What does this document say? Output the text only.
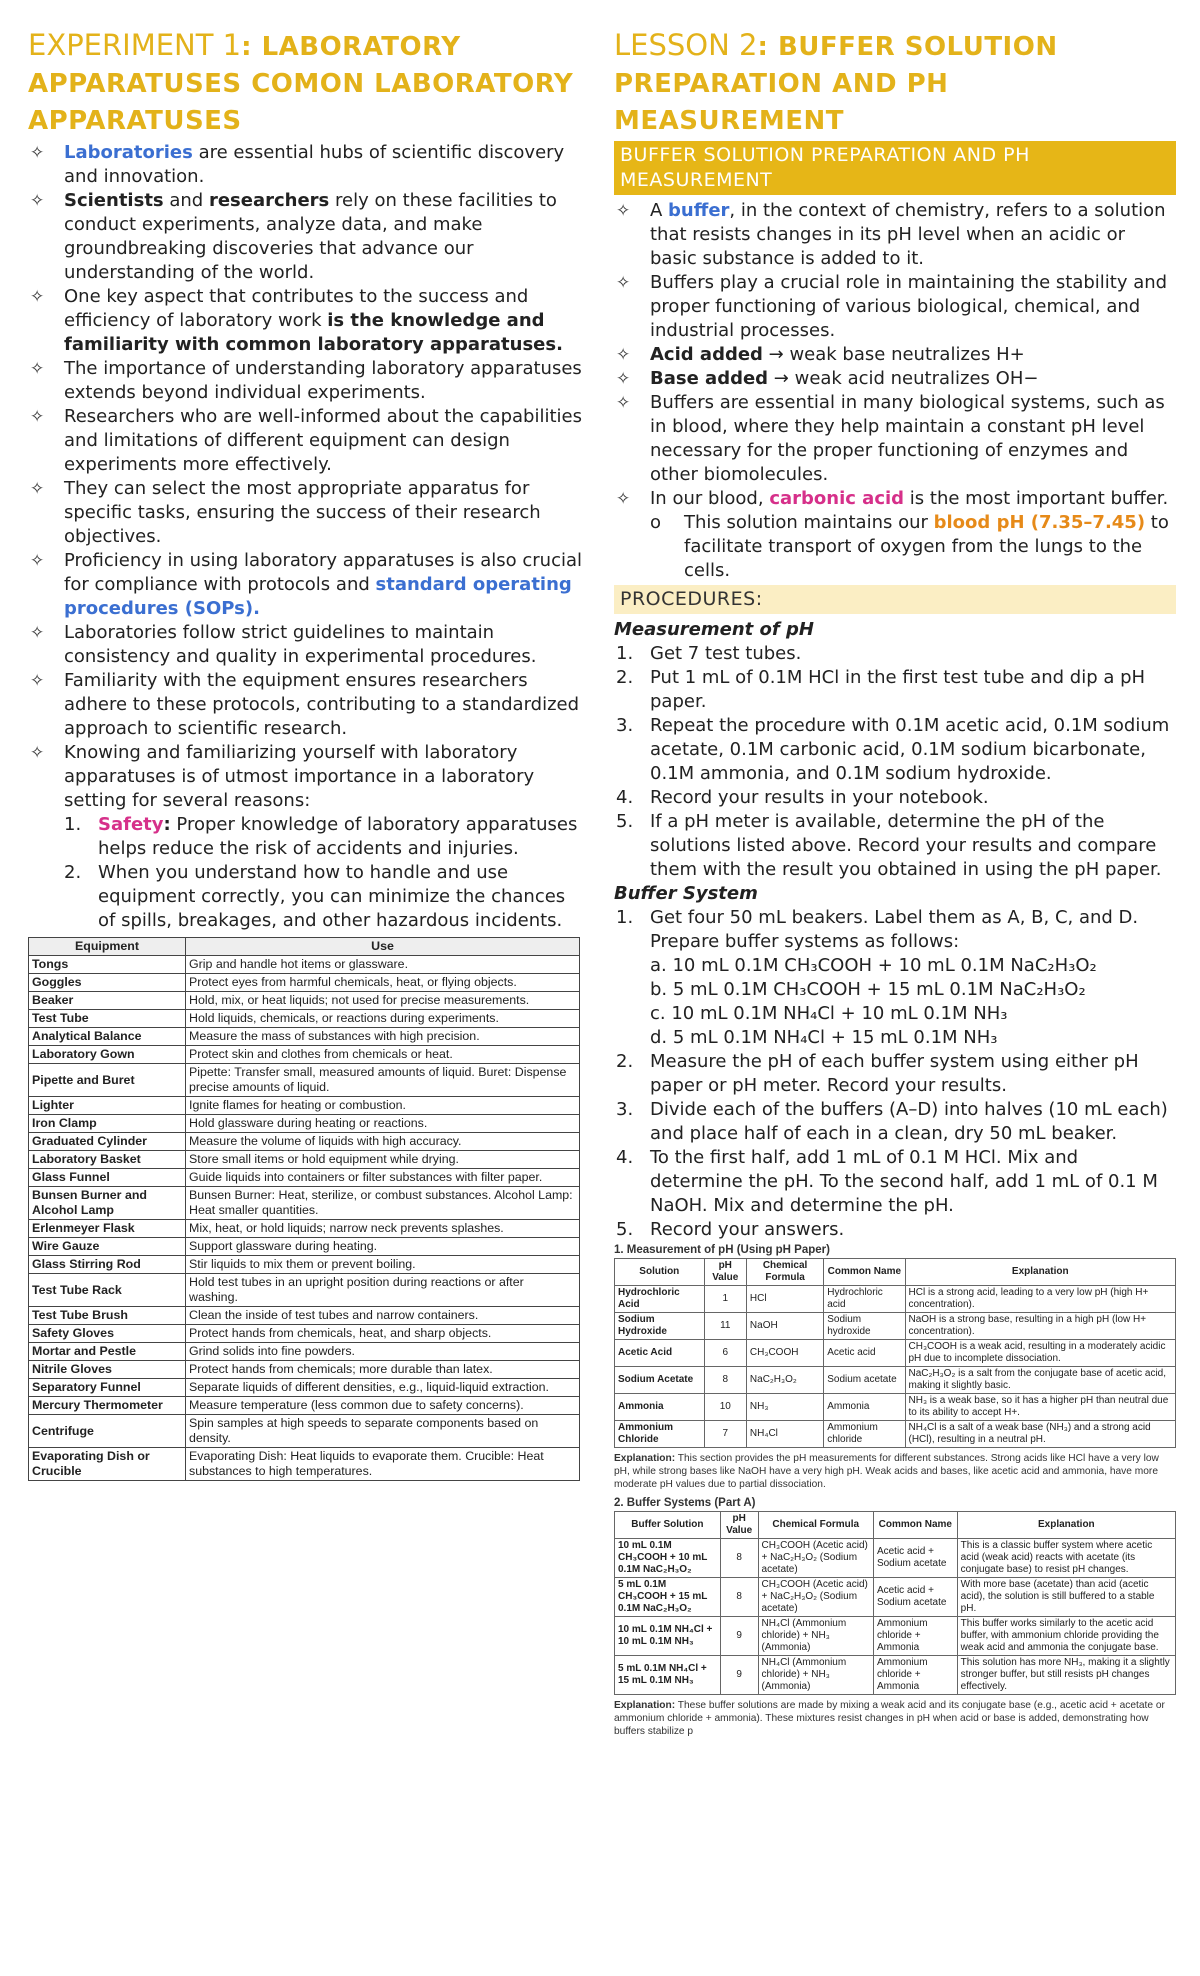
EXPERIMENT 1: LABORATORY APPARATUSES COMON LABORATORY APPARATUSES
✧ Laboratories are essential hubs of scientific discovery and innovation.
✧ Scientists and researchers rely on these facilities to conduct experiments, analyze data, and make groundbreaking discoveries that advance our understanding of the world.
✧ One key aspect that contributes to the success and efficiency of laboratory work is the knowledge and familiarity with common laboratory apparatuses.
✧ The importance of understanding laboratory apparatuses extends beyond individual experiments.
✧ Researchers who are well-informed about the capabilities and limitations of different equipment can design experiments more effectively.
✧ They can select the most appropriate apparatus for specific tasks, ensuring the success of their research objectives.
✧ Proficiency in using laboratory apparatuses is also crucial for compliance with protocols and standard operating procedures (SOPs).
✧ Laboratories follow strict guidelines to maintain consistency and quality in experimental procedures.
✧ Familiarity with the equipment ensures researchers adhere to these protocols, contributing to a standardized approach to scientific research.
✧ Knowing and familiarizing yourself with laboratory apparatuses is of utmost importance in a laboratory setting for several reasons:
1. Safety: Proper knowledge of laboratory apparatuses helps reduce the risk of accidents and injuries.
2. When you understand how to handle and use equipment correctly, you can minimize the chances of spills, breakages, and other hazardous incidents.
Equipment	Use
Tongs	Grip and handle hot items or glassware.
Goggles	Protect eyes from harmful chemicals, heat, or flying objects.
Beaker	Hold, mix, or heat liquids; not used for precise measurements.
Test Tube	Hold liquids, chemicals, or reactions during experiments.
Analytical Balance	Measure the mass of substances with high precision.
Laboratory Gown	Protect skin and clothes from chemicals or heat.
Pipette and Buret	Pipette: Transfer small, measured amounts of liquid. Buret: Dispense precise amounts of liquid.
Lighter	Ignite flames for heating or combustion.
Iron Clamp	Hold glassware during heating or reactions.
Graduated Cylinder	Measure the volume of liquids with high accuracy.
Laboratory Basket	Store small items or hold equipment while drying.
Glass Funnel	Guide liquids into containers or filter substances with filter paper.
Bunsen Burner and Alcohol Lamp	Bunsen Burner: Heat, sterilize, or combust substances. Alcohol Lamp: Heat smaller quantities.
Erlenmeyer Flask	Mix, heat, or hold liquids; narrow neck prevents splashes.
Wire Gauze	Support glassware during heating.
Glass Stirring Rod	Stir liquids to mix them or prevent boiling.
Test Tube Rack	Hold test tubes in an upright position during reactions or after washing.
Test Tube Brush	Clean the inside of test tubes and narrow containers.
Safety Gloves	Protect hands from chemicals, heat, and sharp objects.
Mortar and Pestle	Grind solids into fine powders.
Nitrile Gloves	Protect hands from chemicals; more durable than latex.
Separatory Funnel	Separate liquids of different densities, e.g., liquid-liquid extraction.
Mercury Thermometer	Measure temperature (less common due to safety concerns).
Centrifuge	Spin samples at high speeds to separate components based on density.
Evaporating Dish or Crucible	Evaporating Dish: Heat liquids to evaporate them. Crucible: Heat substances to high temperatures.
LESSON 2: BUFFER SOLUTION PREPARATION AND PH MEASUREMENT
BUFFER SOLUTION PREPARATION AND PH MEASUREMENT
✧ A buffer, in the context of chemistry, refers to a solution that resists changes in its pH level when an acidic or basic substance is added to it.
✧ Buffers play a crucial role in maintaining the stability and proper functioning of various biological, chemical, and industrial processes.
✧ Acid added → weak base neutralizes H+
✧ Base added → weak acid neutralizes OH−
✧ Buffers are essential in many biological systems, such as in blood, where they help maintain a constant pH level necessary for the proper functioning of enzymes and other biomolecules.
✧ In our blood, carbonic acid is the most important buffer.
o This solution maintains our blood pH (7.35–7.45) to facilitate transport of oxygen from the lungs to the cells.
PROCEDURES:
Measurement of pH
1. Get 7 test tubes.
2. Put 1 mL of 0.1M HCl in the first test tube and dip a pH paper.
3. Repeat the procedure with 0.1M acetic acid, 0.1M sodium acetate, 0.1M carbonic acid, 0.1M sodium bicarbonate, 0.1M ammonia, and 0.1M sodium hydroxide.
4. Record your results in your notebook.
5. If a pH meter is available, determine the pH of the solutions listed above. Record your results and compare them with the result you obtained in using the pH paper.
Buffer System
1. Get four 50 mL beakers. Label them as A, B, C, and D. Prepare buffer systems as follows:
a. 10 mL 0.1M CH₃COOH + 10 mL 0.1M NaC₂H₃O₂
b. 5 mL 0.1M CH₃COOH + 15 mL 0.1M NaC₂H₃O₂
c. 10 mL 0.1M NH₄Cl + 10 mL 0.1M NH₃
d. 5 mL 0.1M NH₄Cl + 15 mL 0.1M NH₃
2. Measure the pH of each buffer system using either pH paper or pH meter. Record your results.
3. Divide each of the buffers (A–D) into halves (10 mL each) and place half of each in a clean, dry 50 mL beaker.
4. To the first half, add 1 mL of 0.1 M HCl. Mix and determine the pH. To the second half, add 1 mL of 0.1 M NaOH. Mix and determine the pH.
5. Record your answers.
1. Measurement of pH (Using pH Paper)
Solution	pH Value	Chemical Formula	Common Name	Explanation
Hydrochloric Acid	1	HCl	Hydrochloric acid	HCl is a strong acid, leading to a very low pH (high H+ concentration).
Sodium Hydroxide	11	NaOH	Sodium hydroxide	NaOH is a strong base, resulting in a high pH (low H+ concentration).
Acetic Acid	6	CH₃COOH	Acetic acid	CH₃COOH is a weak acid, resulting in a moderately acidic pH due to incomplete dissociation.
Sodium Acetate	8	NaC₂H₃O₂	Sodium acetate	NaC₂H₃O₂ is a salt from the conjugate base of acetic acid, making it slightly basic.
Ammonia	10	NH₃	Ammonia	NH₃ is a weak base, so it has a higher pH than neutral due to its ability to accept H+.
Ammonium Chloride	7	NH₄Cl	Ammonium chloride	NH₄Cl is a salt of a weak base (NH₃) and a strong acid (HCl), resulting in a neutral pH.
Explanation: This section provides the pH measurements for different substances. Strong acids like HCl have a very low pH, while strong bases like NaOH have a very high pH. Weak acids and bases, like acetic acid and ammonia, have more moderate pH values due to partial dissociation.
2. Buffer Systems (Part A)
Buffer Solution	pH Value	Chemical Formula	Common Name	Explanation
10 mL 0.1M CH₃COOH + 10 mL 0.1M NaC₂H₃O₂	8	CH₃COOH (Acetic acid) + NaC₂H₃O₂ (Sodium acetate)	Acetic acid + Sodium acetate	This is a classic buffer system where acetic acid (weak acid) reacts with acetate (its conjugate base) to resist pH changes.
5 mL 0.1M CH₃COOH + 15 mL 0.1M NaC₂H₃O₂	8	CH₃COOH (Acetic acid) + NaC₂H₃O₂ (Sodium acetate)	Acetic acid + Sodium acetate	With more base (acetate) than acid (acetic acid), the solution is still buffered to a stable pH.
10 mL 0.1M NH₄Cl + 10 mL 0.1M NH₃	9	NH₄Cl (Ammonium chloride) + NH₃ (Ammonia)	Ammonium chloride + Ammonia	This buffer works similarly to the acetic acid buffer, with ammonium chloride providing the weak acid and ammonia the conjugate base.
5 mL 0.1M NH₄Cl + 15 mL 0.1M NH₃	9	NH₄Cl (Ammonium chloride) + NH₃ (Ammonia)	Ammonium chloride + Ammonia	This solution has more NH₃, making it a slightly stronger buffer, but still resists pH changes effectively.
Explanation: These buffer solutions are made by mixing a weak acid and its conjugate base (e.g., acetic acid + acetate or ammonium chloride + ammonia). These mixtures resist changes in pH when acid or base is added, demonstrating how buffers stabilize p
